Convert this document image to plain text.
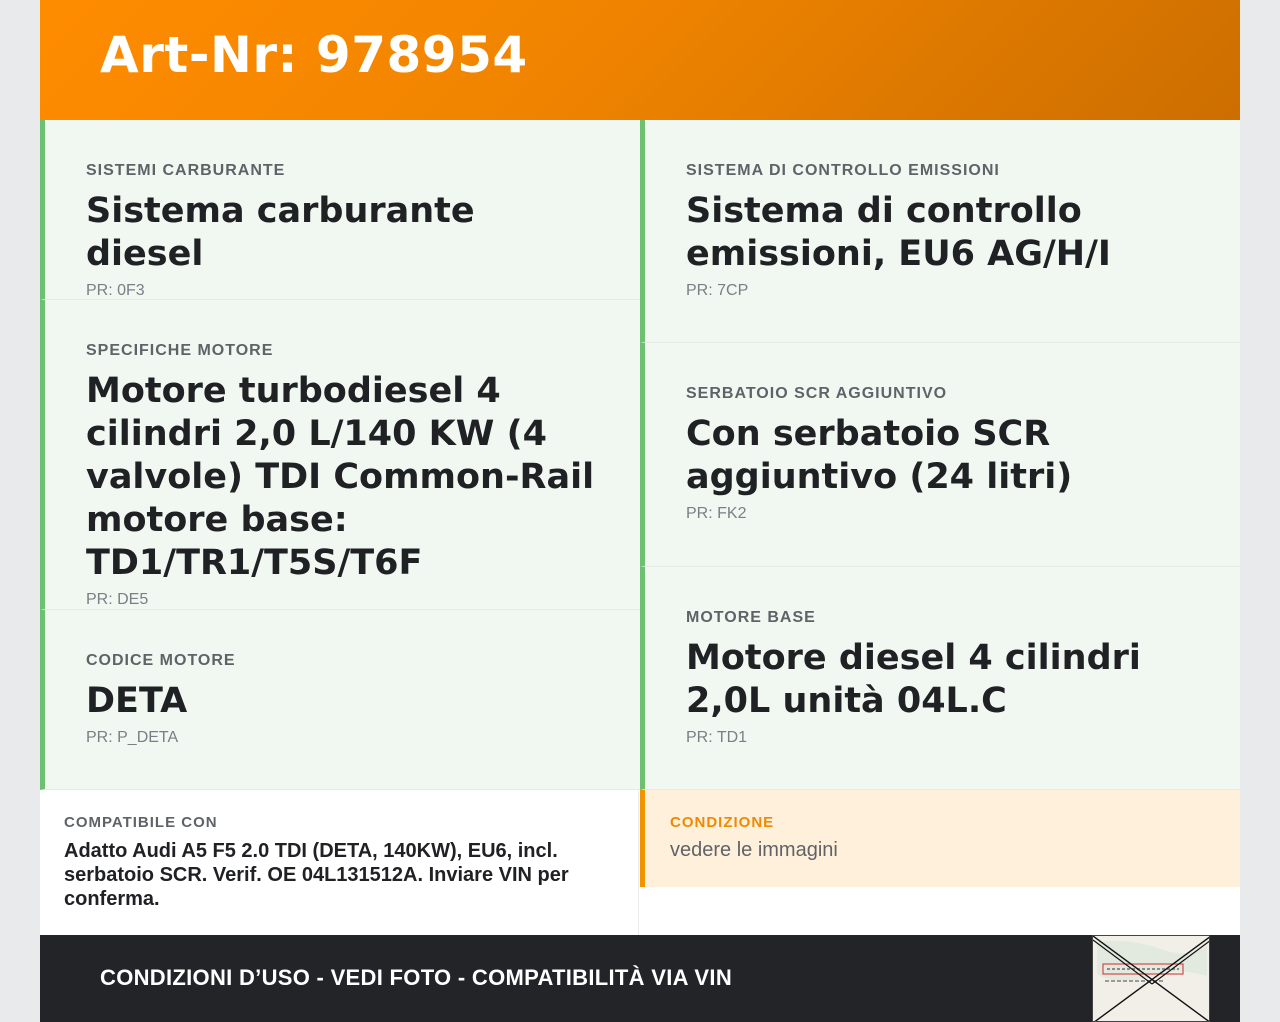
Art-Nr: 978954
SISTEMI CARBURANTE
Sistema carburante diesel
PR: 0F3
SPECIFICHE MOTORE
Motore turbodiesel 4 cilindri 2,0 L/140 KW (4 valvole) TDI Common-Rail motore base: TD1/TR1/T5S/T6F
PR: DE5
CODICE MOTORE
DETA
PR: P_DETA
SISTEMA DI CONTROLLO EMISSIONI
Sistema di controllo emissioni, EU6 AG/H/I
PR: 7CP
SERBATOIO SCR AGGIUNTIVO
Con serbatoio SCR aggiuntivo (24 litri)
PR: FK2
MOTORE BASE
Motore diesel 4 cilindri 2,0L unità 04L.C
PR: TD1
COMPATIBILE CON
Adatto Audi A5 F5 2.0 TDI (DETA, 140KW), EU6, incl. serbatoio SCR. Verif. OE 04L131512A. Inviare VIN per conferma.
CONDIZIONE
vedere le immagini
CONDIZIONI D’USO - VEDI FOTO - COMPATIBILITÀ VIA VIN
